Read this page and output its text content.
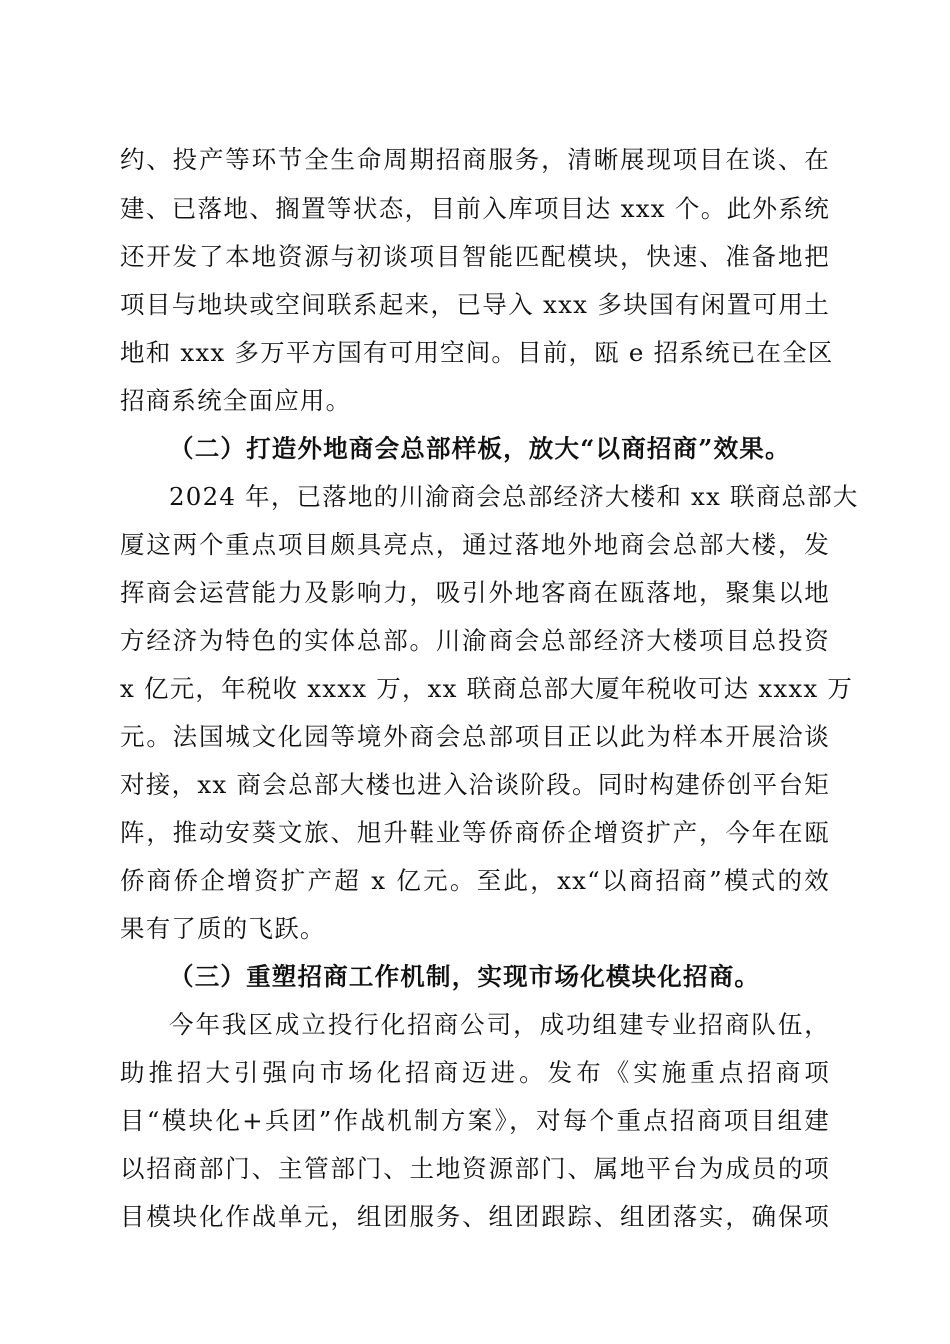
约、投产等环节全生命周期招商服务，清晰展现项目在谈、在
建、已落地、搁置等状态，目前入库项目达 xxx 个。此外系统
还开发了本地资源与初谈项目智能匹配模块，快速、准备地把
项目与地块或空间联系起来，已导入 xxx 多块国有闲置可用土
地和 xxx 多万平方国有可用空间。目前，瓯 e 招系统已在全区
招商系统全面应用。
（二）打造外地商会总部样板，放大“以商招商”效果。
2024 年，已落地的川渝商会总部经济大楼和 xx 联商总部大
厦这两个重点项目颇具亮点，通过落地外地商会总部大楼，发
挥商会运营能力及影响力，吸引外地客商在瓯落地，聚集以地
方经济为特色的实体总部。川渝商会总部经济大楼项目总投资
x 亿元，年税收 xxxx 万，xx 联商总部大厦年税收可达 xxxx 万
元。法国城文化园等境外商会总部项目正以此为样本开展洽谈
对接，xx 商会总部大楼也进入洽谈阶段。同时构建侨创平台矩
阵，推动安葵文旅、旭升鞋业等侨商侨企增资扩产，今年在瓯
侨商侨企增资扩产超 x 亿元。至此，xx“以商招商”模式的效
果有了质的飞跃。
（三）重塑招商工作机制，实现市场化模块化招商。
今年我区成立投行化招商公司，成功组建专业招商队伍，
助推招大引强向市场化招商迈进。发布《实施重点招商项
目“模块化+兵团”作战机制方案》，对每个重点招商项目组建
以招商部门、主管部门、土地资源部门、属地平台为成员的项
目模块化作战单元，组团服务、组团跟踪、组团落实，确保项
